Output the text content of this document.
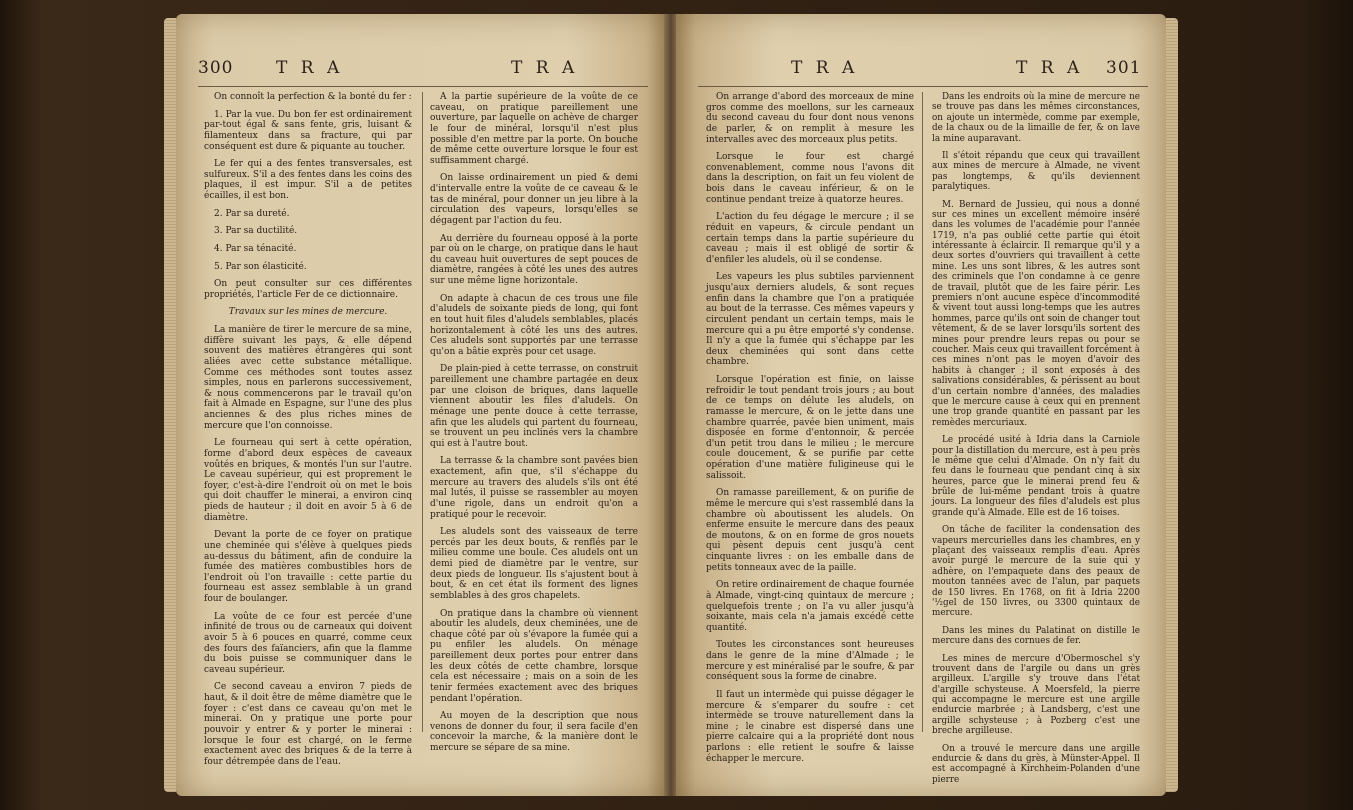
300	T R A	T R A

On connoît la perfection & la bonté du fer :

1. Par la vue. Du bon fer est ordinairement par-tout égal & sans fente, gris, luisant & filamenteux dans sa fracture, qui par conséquent est dure & piquante au toucher.

Le fer qui a des fentes transversales, est sulfureux. S'il a des fentes dans les coins des plaques, il est impur. S'il a de petites écailles, il est bon.

2. Par sa dureté.

3. Par sa ductilité.

4. Par sa ténacité.

5. Par son élasticité.

On peut consulter sur ces différentes propriétés, l'article Fer de ce dictionnaire.

Travaux sur les mines de mercure.

La manière de tirer le mercure de sa mine, diffère suivant les pays, & elle dépend souvent des matières étrangères qui sont aliées avec cette substance métallique. Comme ces méthodes sont toutes assez simples, nous en parlerons successivement, & nous commencerons par le travail qu'on fait à Almade en Espagne, sur l'une des plus anciennes & des plus riches mines de mercure que l'on connoisse.

Le fourneau qui sert à cette opération, forme d'abord deux espèces de caveaux voûtés en briques, & montés l'un sur l'autre. Le caveau supérieur, qui est proprement le foyer, c'est-à-dire l'endroit où on met le bois qui doit chauffer le minerai, a environ cinq pieds de hauteur ; il doit en avoir 5 à 6 de diamètre.

Devant la porte de ce foyer on pratique une cheminée qui s'élève à quelques pieds au-dessus du bâtiment, afin de conduire la fumée des matières combustibles hors de l'endroit où l'on travaille : cette partie du fourneau est assez semblable à un grand four de boulanger.

La voûte de ce four est percée d'une infinité de trous ou de carneaux qui doivent avoir 5 à 6 pouces en quarré, comme ceux des fours des faïanciers, afin que la flamme du bois puisse se communiquer dans le caveau supérieur.

Ce second caveau a environ 7 pieds de haut, & il doit être de même diamètre que le foyer : c'est dans ce caveau qu'on met le minerai. On y pratique une porte pour pouvoir y entrer & y porter le minerai : lorsque le four est chargé, on le ferme exactement avec des briques & de la terre à four détrempée dans de l'eau.

A la partie supérieure de la voûte de ce caveau, on pratique pareillement une ouverture, par laquelle on achève de charger le four de minéral, lorsqu'il n'est plus possible d'en mettre par la porte. On bouche de même cette ouverture lorsque le four est suffisamment chargé.

On laisse ordinairement un pied & demi d'intervalle entre la voûte de ce caveau & le tas de minéral, pour donner un jeu libre à la circulation des vapeurs, lorsqu'elles se dégagent par l'action du feu.

Au derrière du fourneau opposé à la porte par où on le charge, on pratique dans le haut du caveau huit ouvertures de sept pouces de diamètre, rangées à côté les unes des autres sur une même ligne horizontale.

On adapte à chacun de ces trous une file d'aludels de soixante pieds de long, qui font en tout huit files d'aludels semblables, placés horizontalement à côté les uns des autres. Ces aludels sont supportés par une terrasse qu'on a bâtie exprès pour cet usage.

De plain-pied à cette terrasse, on construit pareillement une chambre partagée en deux par une cloison de briques, dans laquelle viennent aboutir les files d'aludels. On ménage une pente douce à cette terrasse, afin que les aludels qui partent du fourneau, se trouvent un peu inclinés vers la chambre qui est à l'autre bout.

La terrasse & la chambre sont pavées bien exactement, afin que, s'il s'échappe du mercure au travers des aludels s'ils ont été mal lutés, il puisse se rassembler au moyen d'une rigole, dans un endroit qu'on a pratiqué pour le recevoir.

Les aludels sont des vaisseaux de terre percés par les deux bouts, & renflés par le milieu comme une boule. Ces aludels ont un demi pied de diamètre par le ventre, sur deux pieds de longueur. Ils s'ajustent bout à bout, & en cet état ils forment des lignes semblables à des gros chapelets.

On pratique dans la chambre où viennent aboutir les aludels, deux cheminées, une de chaque côté par où s'évapore la fumée qui a pu enfiler les aludels. On ménage pareillement deux portes pour entrer dans les deux côtés de cette chambre, lorsque cela est nécessaire ; mais on a soin de les tenir fermées exactement avec des briques pendant l'opération.

Au moyen de la description que nous venons de donner du four, il sera facile d'en concevoir la marche, & la manière dont le mercure se sépare de sa mine.

T R A	T R A 301

On arrange d'abord des morceaux de mine gros comme des moellons, sur les carneaux du second caveau du four dont nous venons de parler, & on remplit à mesure les intervalles avec des morceaux plus petits.

Lorsque le four est chargé convenablement, comme nous l'avons dit dans la description, on fait un feu violent de bois dans le caveau inférieur, & on le continue pendant treize à quatorze heures.

L'action du feu dégage le mercure ; il se réduit en vapeurs, & circule pendant un certain temps dans la partie supérieure du caveau ; mais il est obligé de sortir & d'enfiler les aludels, où il se condense.

Les vapeurs les plus subtiles parviennent jusqu'aux derniers aludels, & sont reçues enfin dans la chambre que l'on a pratiquée au bout de la terrasse. Ces mêmes vapeurs y circulent pendant un certain temps, mais le mercure qui a pu être emporté s'y condense. Il n'y a que la fumée qui s'échappe par les deux cheminées qui sont dans cette chambre.

Lorsque l'opération est finie, on laisse refroidir le tout pendant trois jours ; au bout de ce temps on délute les aludels, on ramasse le mercure, & on le jette dans une chambre quarrée, pavée bien uniment, mais disposée en forme d'entonnoir, & percée d'un petit trou dans le milieu ; le mercure coule doucement, & se purifie par cette opération d'une matière fuligineuse qui le salissoit.

On ramasse pareillement, & on purifie de même le mercure qui s'est rassemblé dans la chambre où aboutissent les aludels. On enferme ensuite le mercure dans des peaux de moutons, & on en forme de gros nouets qui pèsent depuis cent jusqu'à cent cinquante livres : on les emballe dans de petits tonneaux avec de la paille.

On retire ordinairement de chaque fournée à Almade, vingt-cinq quintaux de mercure ; quelquefois trente ; on l'a vu aller jusqu'à soixante, mais cela n'a jamais excédé cette quantité.

Toutes les circonstances sont heureuses dans le genre de la mine d'Almade ; le mercure y est minéralisé par le soufre, & par conséquent sous la forme de cinabre.

Il faut un intermède qui puisse dégager le mercure & s'emparer du soufre : cet intermède se trouve naturellement dans la mine ; le cinabre est dispersé dans une pierre calcaire qui a la propriété dont nous parlons : elle retient le soufre & laisse échapper le mercure.

Dans les endroits où la mine de mercure ne se trouve pas dans les mêmes circonstances, on ajoute un intermède, comme par exemple, de la chaux ou de la limaille de fer, & on lave la mine auparavant.

Il s'étoit répandu que ceux qui travaillent aux mines de mercure à Almade, ne vivent pas longtemps, & qu'ils deviennent paralytiques.

M. Bernard de Jussieu, qui nous a donné sur ces mines un excellent mémoire inséré dans les volumes de l'académie pour l'année 1719, n'a pas oublié cette partie qui étoit intéressante à éclaircir. Il remarque qu'il y a deux sortes d'ouvriers qui travaillent à cette mine. Les uns sont libres, & les autres sont des criminels que l'on condamne à ce genre de travail, plutôt que de les faire périr. Les premiers n'ont aucune espèce d'incommodité & vivent tout aussi long-temps que les autres hommes, parce qu'ils ont soin de changer tout vêtement, & de se laver lorsqu'ils sortent des mines pour prendre leurs repas ou pour se coucher. Mais ceux qui travaillent forcément à ces mines n'ont pas le moyen d'avoir des habits à changer ; il sont exposés à des salivations considérables, & périssent au bout d'un certain nombre d'années, des maladies que le mercure cause à ceux qui en prennent une trop grande quantité en passant par les remèdes mercuriaux.

Le procédé usité à Idria dans la Carniole pour la distillation du mercure, est à peu près le même que celui d'Almade. On n'y fait du feu dans le fourneau que pendant cinq à six heures, parce que le minerai prend feu & brûle de lui-même pendant trois à quatre jours. La longueur des files d'aludels est plus grande qu'à Almade. Elle est de 16 toises.

On tâche de faciliter la condensation des vapeurs mercurielles dans les chambres, en y plaçant des vaisseaux remplis d'eau. Après avoir purgé le mercure de la suie qui y adhère, on l'empaquete dans des peaux de mouton tannées avec de l'alun, par paquets de 150 livres. En 1768, on fit à Idria 2200 '½gel de 150 livres, ou 3300 quintaux de mercure.

Dans les mines du Palatinat on distille le mercure dans des cornues de fer.

Les mines de mercure d'Obermoschel s'y trouvent dans de l'argile ou dans un grès argilleux. L'argille s'y trouve dans l'état d'argille schysteuse. A Moersfeld, la pierre qui accompagne le mercure est une argille endurcie marbrée ; à Landsberg, c'est une argille schysteuse ; à Pozberg c'est une breche argilleuse.

On a trouvé le mercure dans une argille endurcie & dans du grès, à Münster-Appel. Il est accompagné à Kirchheim-Polanden d'une pierre
